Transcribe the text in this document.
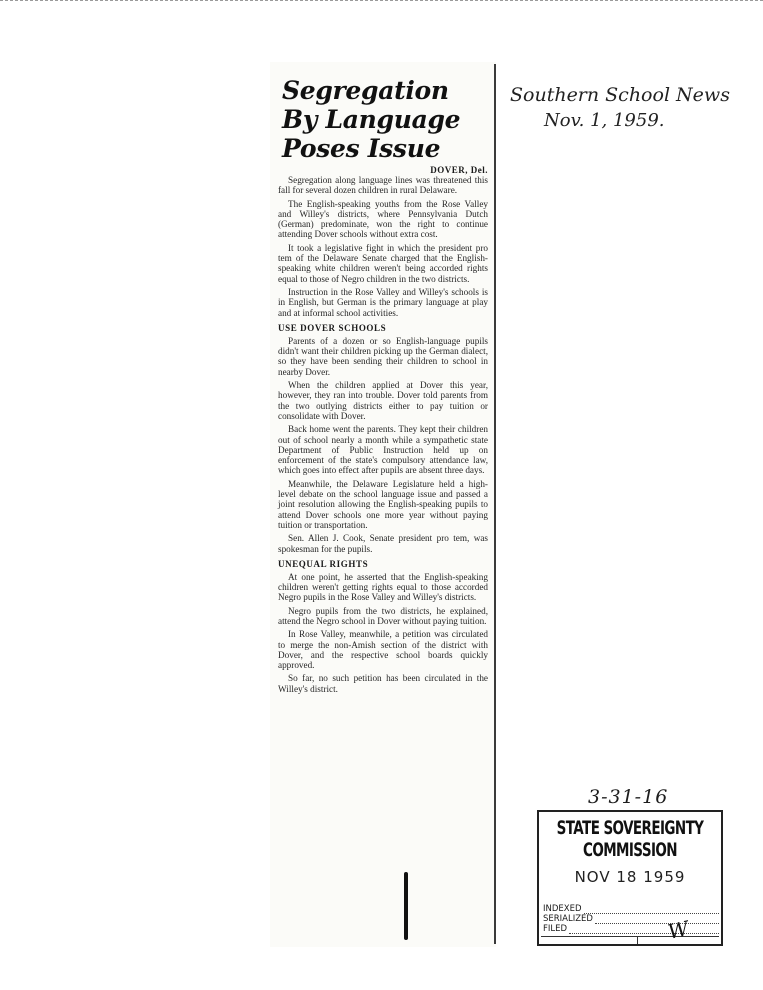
Segregation
By Language
Poses Issue
DOVER, Del.

Segregation along language lines was threatened this fall for several dozen children in rural Delaware.

The English-speaking youths from the Rose Valley and Willey's districts, where Pennsylvania Dutch (German) predominate, won the right to continue attending Dover schools without extra cost.

It took a legislative fight in which the president pro tem of the Delaware Senate charged that the English-speaking white children weren't being accorded rights equal to those of Negro children in the two districts.

Instruction in the Rose Valley and Willey's schools is in English, but German is the primary language at play and at informal school activities.

USE DOVER SCHOOLS

Parents of a dozen or so English-language pupils didn't want their children picking up the German dialect, so they have been sending their children to school in nearby Dover.

When the children applied at Dover this year, however, they ran into trouble. Dover told parents from the two outlying districts either to pay tuition or consolidate with Dover.

Back home went the parents. They kept their children out of school nearly a month while a sympathetic state Department of Public Instruction held up on enforcement of the state's compulsory attendance law, which goes into effect after pupils are absent three days.

Meanwhile, the Delaware Legislature held a high-level debate on the school language issue and passed a joint resolution allowing the English-speaking pupils to attend Dover schools one more year without paying tuition or transportation.

Sen. Allen J. Cook, Senate president pro tem, was spokesman for the pupils.

UNEQUAL RIGHTS

At one point, he asserted that the English-speaking children weren't getting rights equal to those accorded Negro pupils in the Rose Valley and Willey's districts.

Negro pupils from the two districts, he explained, attend the Negro school in Dover without paying tuition.

In Rose Valley, meanwhile, a petition was circulated to merge the non-Amish section of the district with Dover, and the respective school boards quickly approved.

So far, no such petition has been circulated in the Willey's district.

Southern School News
Nov. 1, 1959.
3-31-16
STATE SOVEREIGNTY COMMISSION
NOV 18 1959
INDEXED
SERIALIZED
FILED	W
